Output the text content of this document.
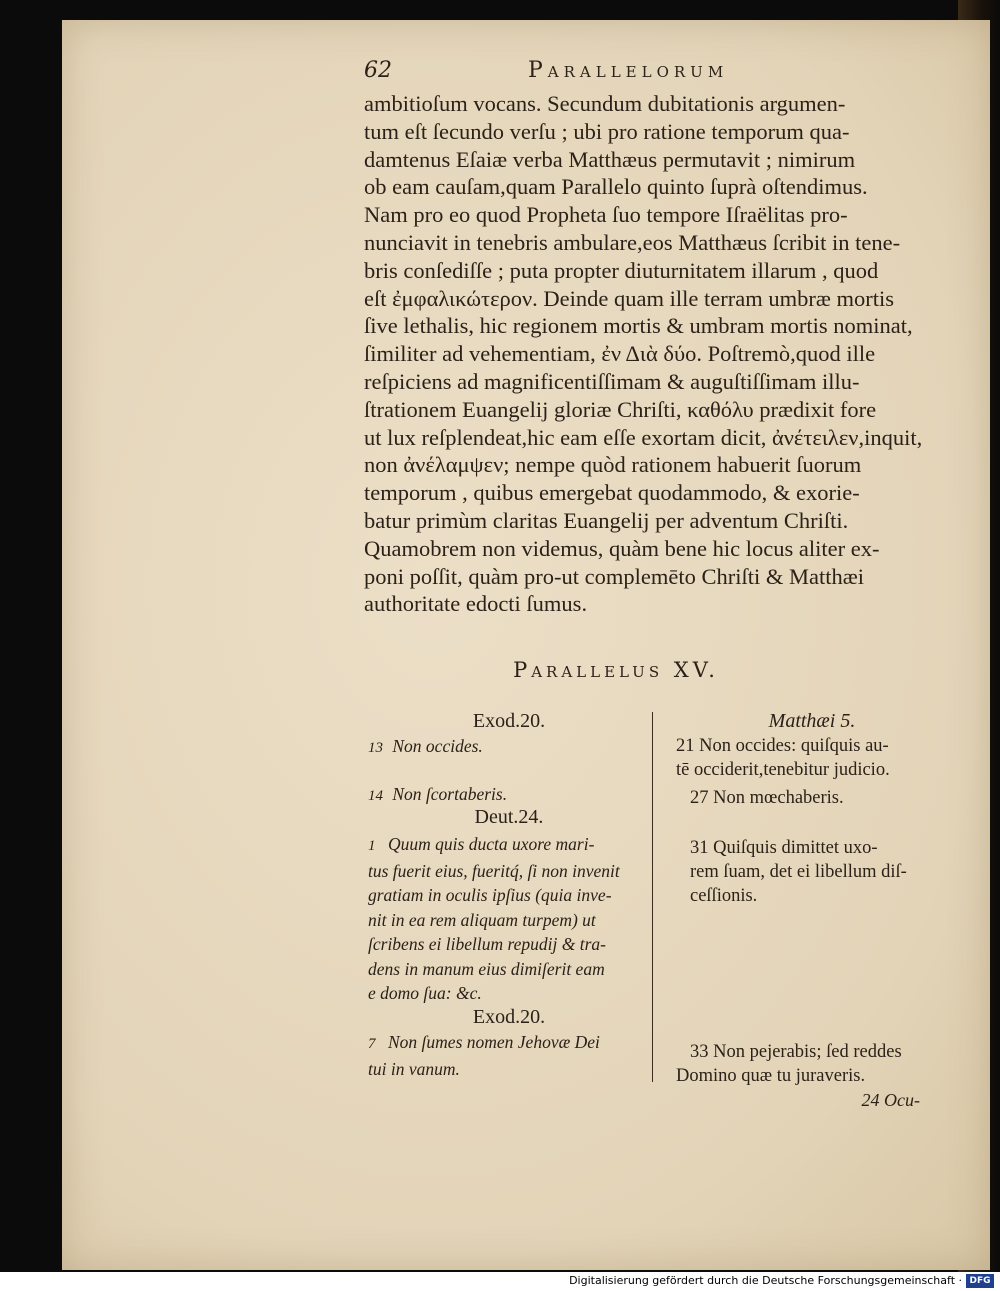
62	Parallelorum

ambitioſum vocans. Secundum dubitationis argumen-
tum eſt ſecundo verſu ; ubi pro ratione temporum qua-
damtenus Eſaiæ verba Matthæus permutavit ; nimirum
ob eam cauſam,quam Parallelo quinto ſuprà oſtendimus.
Nam pro eo quod Propheta ſuo tempore Iſraëlitas pro-
nunciavit in tenebris ambulare,eos Matthæus ſcribit in tene-
bris conſediſſe ; puta propter diuturnitatem illarum , quod
eſt ἐμφαλικώτερον. Deinde quam ille terram umbræ mortis
ſive lethalis, hic regionem mortis & umbram mortis nominat,
ſimiliter ad vehementiam, ἐν Διὰ δύο. Poſtremò,quod ille
reſpiciens ad magnificentiſſimam & auguſtiſſimam illu-
ſtrationem Euangelij gloriæ Chriſti, καθόλυ prædixit fore
ut lux reſplendeat,hic eam eſſe exortam dicit, ἀνέτ‌ειλεν,inquit,
non ἀνέλαμψεν; nempe quòd rationem habuerit ſuorum
temporum , quibus emergebat quodammodo, & exorie-
batur primùm claritas Euangelij per adventum Chriſti.
Quamobrem non videmus, quàm bene hic locus aliter ex-
poni poſſit, quàm pro-ut complemēto Chriſti & Matthæi
authoritate edocti ſumus.

Parallelus XV.
Exod.20.
13 Non occides.
14 Non ſcortaberis.
Deut.24.
1 Quum quis ducta uxore mari-
tus fuerit eius, fueritq́, ſi non invenit
gratiam in oculis ipſius (quia inve-
nit in ea rem aliquam turpem) ut
ſcribens ei libellum repudij & tra-
dens in manum eius dimiſerit eam
e domo ſua: &c.
Exod.20.
7 Non ſumes nomen Jehovæ Dei
tui in vanum.
Matthæi 5.
21 Non occides: quiſquis au-
tē occiderit,tenebitur judicio.
27 Non mœchaberis.
31 Quiſquis dimittet uxo-
rem ſuam, det ei libellum diſ-
ceſſionis.
33 Non pejerabis; ſed reddes
Domino quæ tu juraveris.
24 Ocu-
Digitalisierung gefördert durch die Deutsche Forschungsgemeinschaft · DFG
